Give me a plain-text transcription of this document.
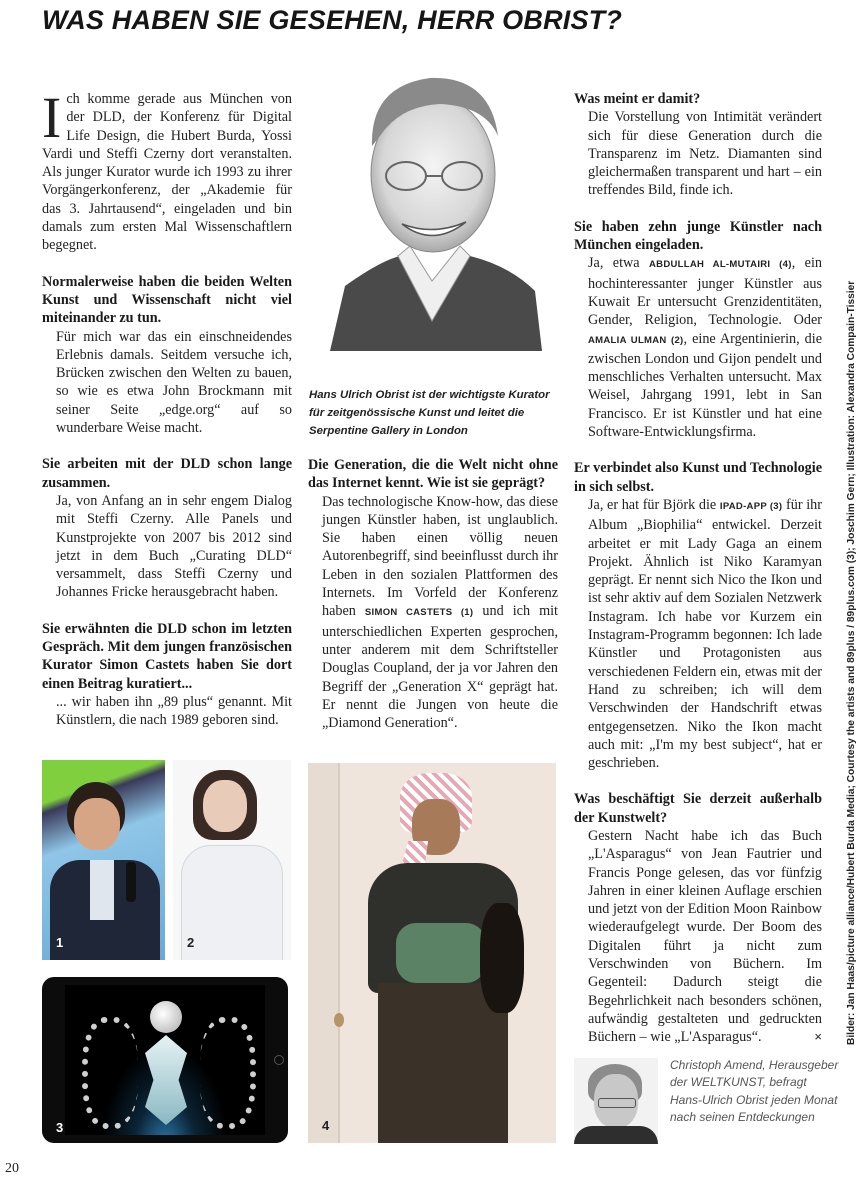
WAS HABEN SIE GESEHEN, HERR OBRIST?

Ich komme gerade aus München von der DLD, der Konferenz für Digital Life Design, die Hubert Burda, Yossi Vardi und Steffi Czerny dort veranstalten. Als junger Kurator wurde ich 1993 zu ihrer Vorgängerkonferenz, der „Akademie für das 3. Jahrtausend“, eingeladen und bin damals zum ersten Mal Wissenschaftlern begegnet.

Normalerweise haben die beiden Welten Kunst und Wissenschaft nicht viel miteinander zu tun.

Für mich war das ein einschneidendes Erlebnis damals. Seitdem versuche ich, Brücken zwischen den Welten zu bauen, so wie es etwa John Brockmann mit seiner Seite „edge.org“ auf so wunderbare Weise macht.

Sie arbeiten mit der DLD schon lange zusammen.

Ja, von Anfang an in sehr engem Dialog mit Steffi Czerny. Alle Panels und Kunstprojekte von 2007 bis 2012 sind jetzt in dem Buch „Curating DLD“ versammelt, dass Steffi Czerny und Johannes Fricke herausgebracht haben.

Sie erwähnten die DLD schon im letzten Gespräch. Mit dem jungen französischen Kurator Simon Castets haben Sie dort einen Beitrag kuratiert...

... wir haben ihn „89 plus“ genannt. Mit Künstlern, die nach 1989 geboren sind.

Hans Ulrich Obrist ist der wichtigste Kurator für zeitgenössische Kunst und leitet die Serpentine Gallery in London

Die Generation, die die Welt nicht ohne das Internet kennt. Wie ist sie geprägt?

Das technologische Know-how, das diese jungen Künstler haben, ist unglaublich. Sie haben einen völlig neuen Autorenbegriff, sind beeinflusst durch ihr Leben in den sozialen Plattformen des Internets. Im Vorfeld der Konferenz haben SIMON CASTETS (1) und ich mit unterschiedlichen Experten gesprochen, unter anderem mit dem Schriftsteller Douglas Coupland, der ja vor Jahren den Begriff der „Generation X“ geprägt hat. Er nennt die Jungen von heute die „Diamond Generation“.

Was meint er damit?

Die Vorstellung von Intimität verändert sich für diese Generation durch die Transparenz im Netz. Diamanten sind gleichermaßen transparent und hart – ein treffendes Bild, finde ich.

Sie haben zehn junge Künstler nach München eingeladen.

Ja, etwa ABDULLAH AL-MUTAIRI (4), ein hochinteressanter junger Künstler aus Kuwait Er untersucht Grenzidentitäten, Gender, Religion, Technologie. Oder AMALIA ULMAN (2), eine Argentinierin, die zwischen London und Gijon pendelt und menschliches Verhalten untersucht. Max Weisel, Jahrgang 1991, lebt in San Francisco. Er ist Künstler und hat eine Software-Entwicklungsfirma.

Er verbindet also Kunst und Technologie in sich selbst.

Ja, er hat für Björk die IPAD-APP (3) für ihr Album „Biophilia“ entwickel. Derzeit arbeitet er mit Lady Gaga an einem Projekt. Ähnlich ist Niko Karamyan geprägt. Er nennt sich Nico the Ikon und ist sehr aktiv auf dem Sozialen Netzwerk Instagram. Ich habe vor Kurzem ein Instagram-Programm begonnen: Ich lade Künstler und Protagonisten aus verschiedenen Feldern ein, etwas mit der Hand zu schreiben; ich will dem Verschwinden der Handschrift etwas entgegensetzen. Niko the Ikon macht auch mit: „I'm my best subject“, hat er geschrieben.

Was beschäftigt Sie derzeit außerhalb der Kunstwelt?

Gestern Nacht habe ich das Buch „L'Asparagus“ von Jean Fautrier und Francis Ponge gelesen, das vor fünfzig Jahren in einer kleinen Auflage erschien und jetzt von der Edition Moon Rainbow wiederaufgelegt wurde. Der Boom des Digitalen führt ja nicht zum Verschwinden von Büchern. Im Gegenteil: Dadurch steigt die Begehrlichkeit nach besonders schönen, aufwändig gestalteten und gedruckten Büchern – wie „L'Asparagus“.	×

1	2
3	4
Christoph Amend, Herausgeber der WELTKUNST, befragt Hans-Ulrich Obrist jeden Monat nach seinen Entdeckungen
Bilder: Jan Haas/picture alliance/Hubert Burda Media; Courtesy the artists and 89plus / 89plus.com (3); Joschim Gern; Illustration: Alexandra Compain-Tissier
20
